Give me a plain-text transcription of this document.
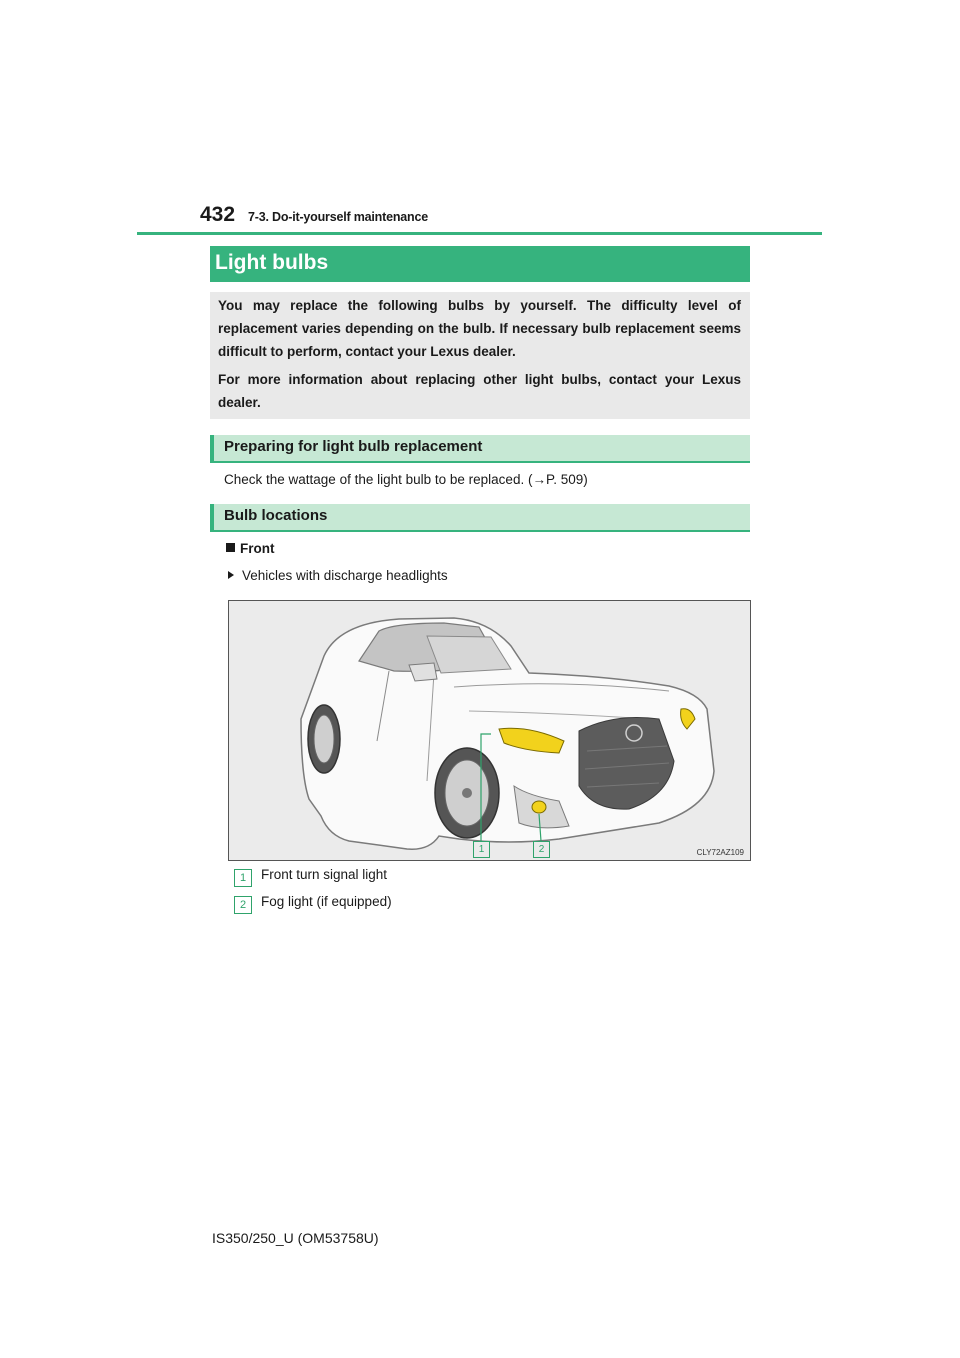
432 7-3. Do-it-yourself maintenance
Light bulbs

You may replace the following bulbs by yourself. The difficulty level of replacement varies depending on the bulb. If necessary bulb replacement seems difficult to perform, contact your Lexus dealer.

For more information about replacing other light bulbs, contact your Lexus dealer.

Preparing for light bulb replacement
Check the wattage of the light bulb to be replaced. (→P. 509)
Bulb locations
Front
Vehicles with discharge headlights
1	2	CLY72AZ109
1 Front turn signal light
2 Fog light (if equipped)
IS350/250_U (OM53758U)
